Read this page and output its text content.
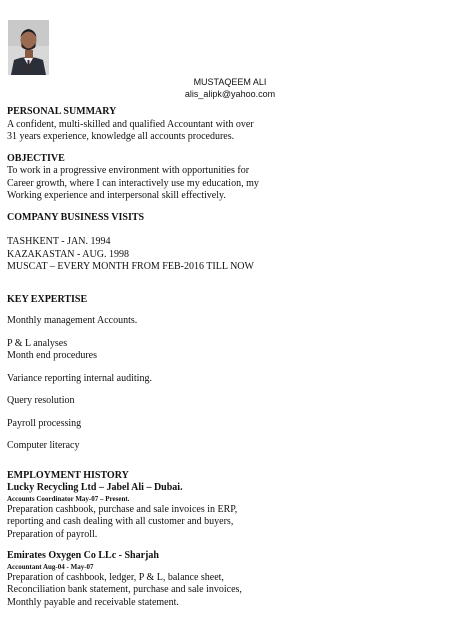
MUSTAQEEM ALI
alis_alipk@yahoo.com
PERSONAL SUMMARY
A confident, multi-skilled and qualified Accountant with over
31 years experience, knowledge all accounts procedures.
OBJECTIVE
To work in a progressive environment with opportunities for
Career growth, where I can interactively use my education, my
Working experience and interpersonal skill effectively.
COMPANY BUSINESS VISITS
TASHKENT - JAN. 1994
KAZAKASTAN - AUG. 1998
MUSCAT – EVERY MONTH FROM FEB-2016 TILL NOW
KEY EXPERTISE
Monthly management Accounts.
P & L analyses
Month end procedures
Variance reporting internal auditing.
Query resolution
Payroll processing
Computer literacy
EMPLOYMENT HISTORY
Lucky Recycling Ltd – Jabel Ali – Dubai.
Accounts Coordinator May-07 – Present.
Preparation cashbook, purchase and sale invoices in ERP,
reporting and cash dealing with all customer and buyers,
Preparation of payroll.
Emirates Oxygen Co LLc - Sharjah
Accountant Aug-04 - May-07
Preparation of cashbook, ledger, P & L, balance sheet,
Reconciliation bank statement, purchase and sale invoices,
Monthly payable and receivable statement.
